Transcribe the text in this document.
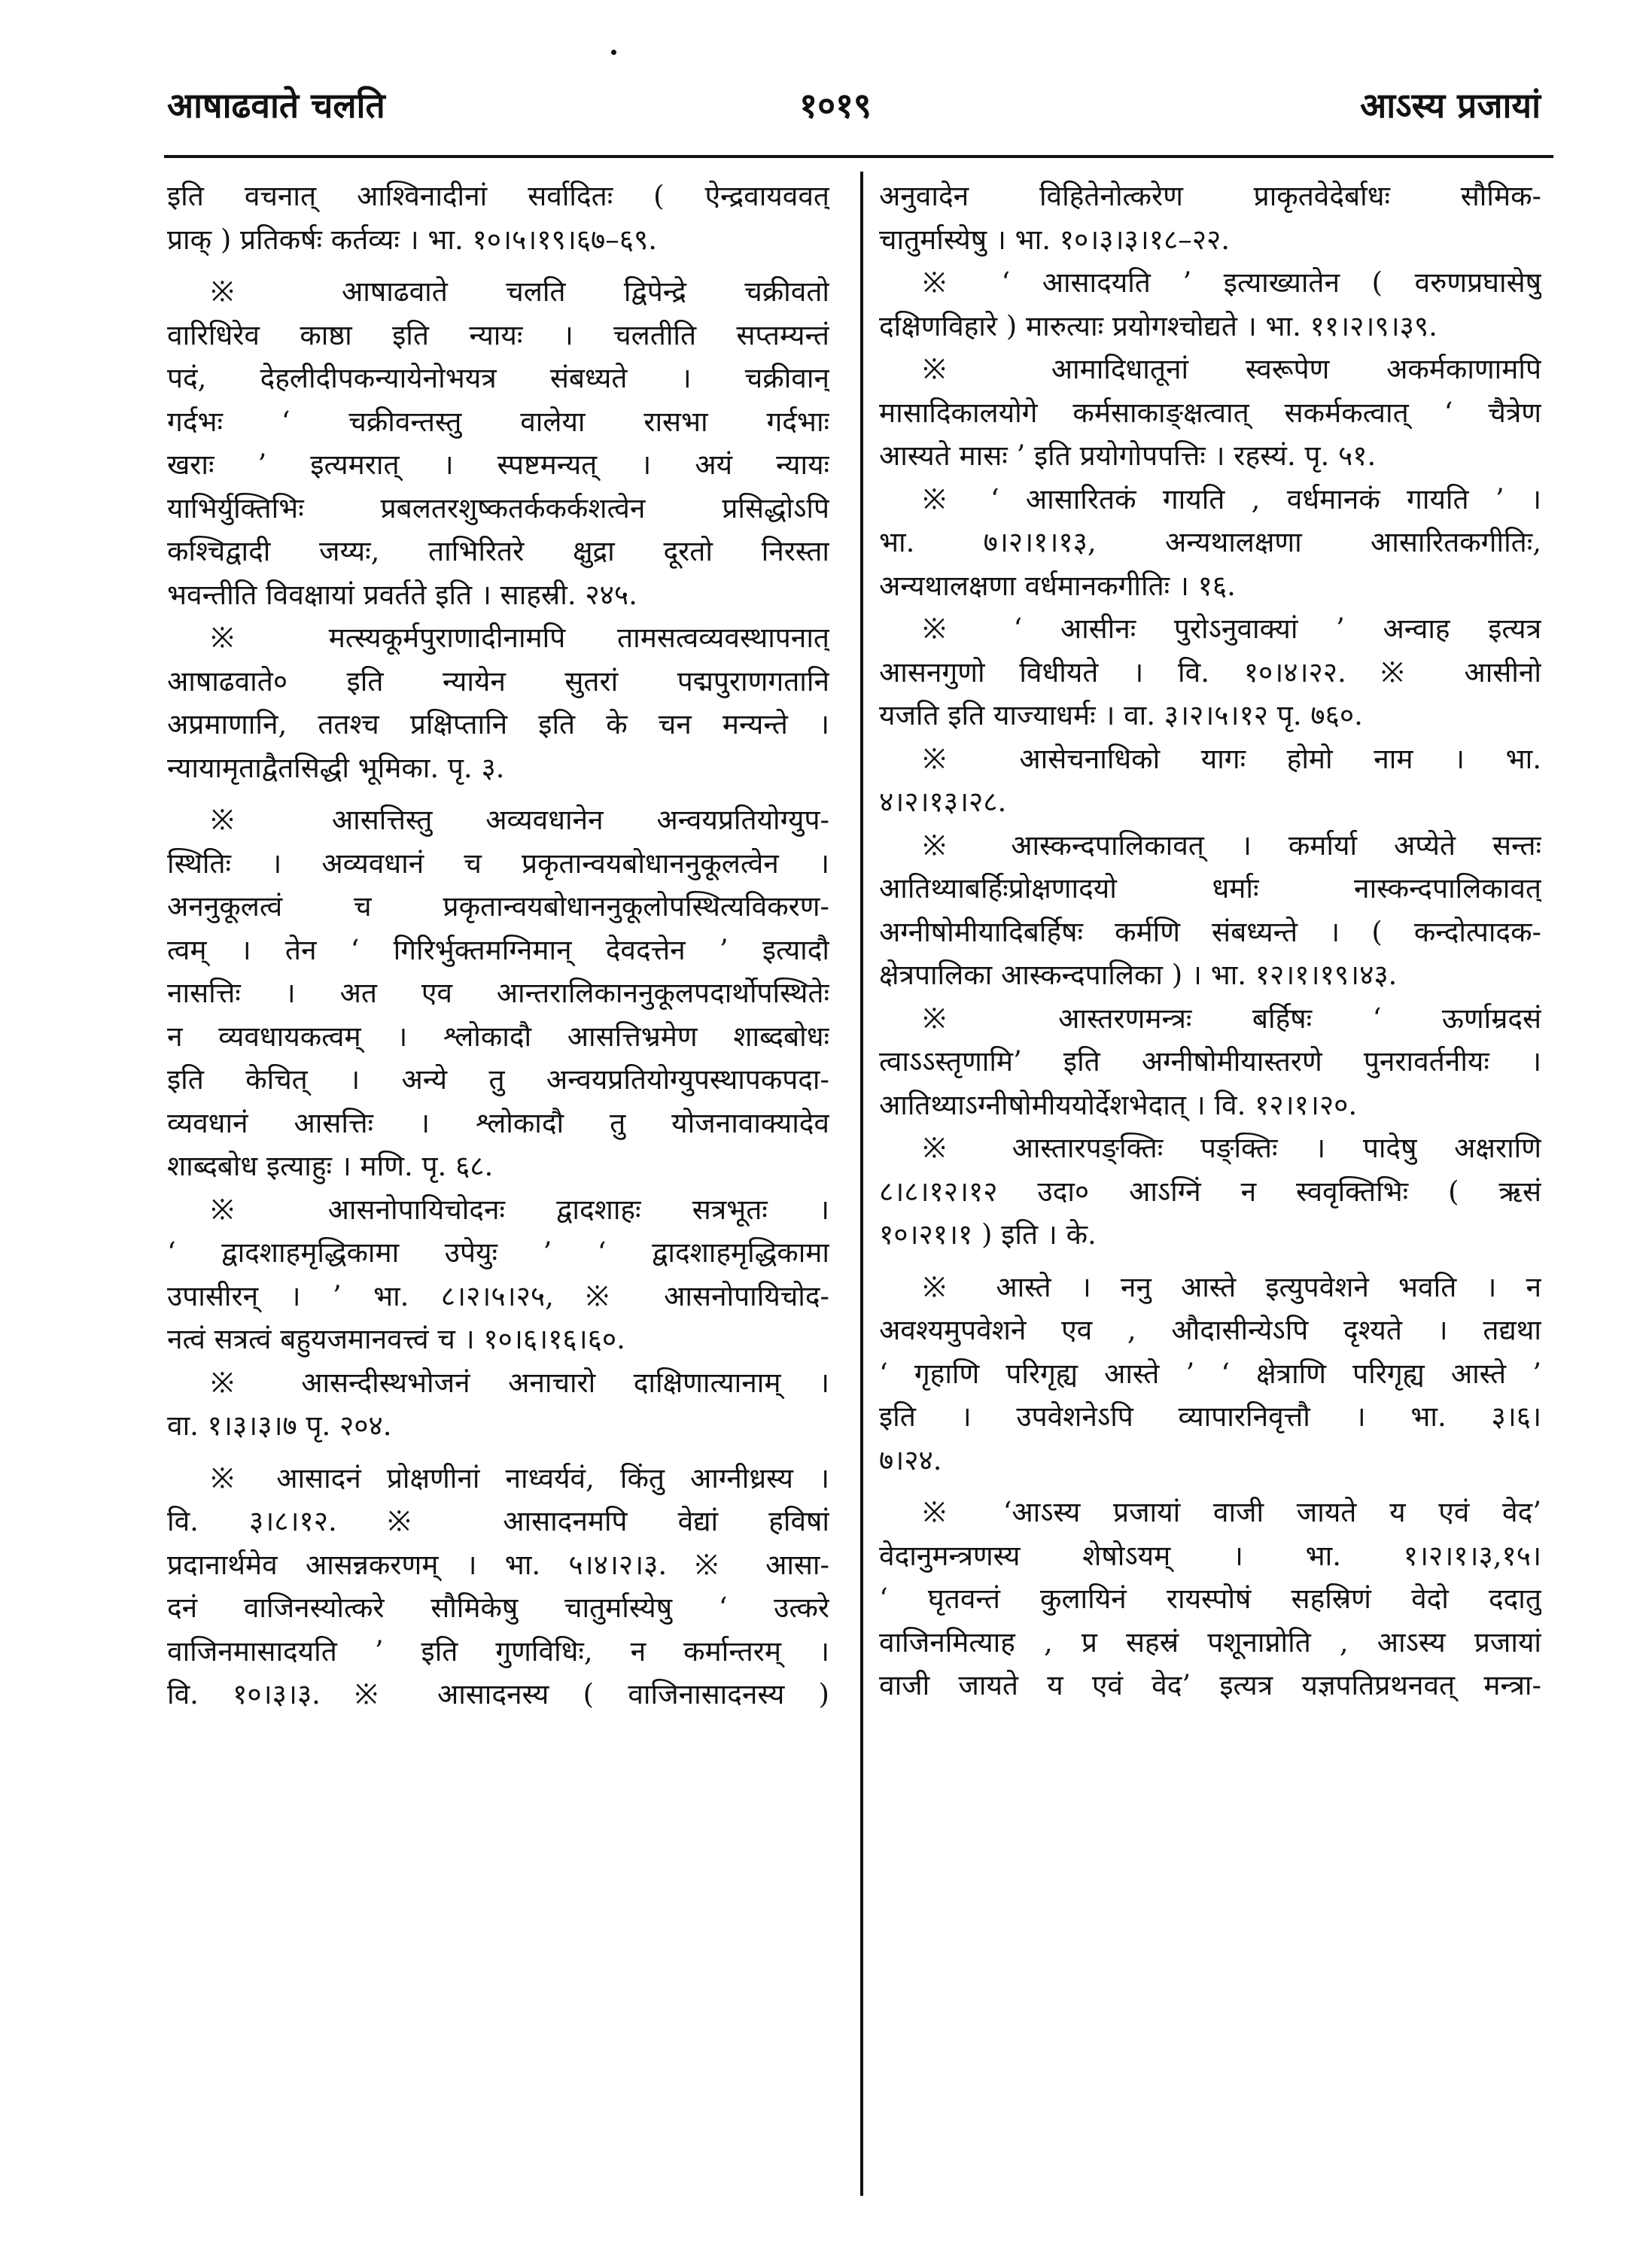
आषाढवाते चलति	१०१९	आऽस्य प्रजायां
इति वचनात् आश्विनादीनां सर्वादितः ( ऐन्द्रवायववत्
प्राक् ) प्रतिकर्षः कर्तव्यः । भा. १०।५।१९।६७–६९.
※ आषाढवाते चलति द्विपेन्द्रे चक्रीवतो
वारिधिरेव काष्ठा इति न्यायः । चलतीति सप्तम्यन्तं
पदं, देहलीदीपकन्यायेनोभयत्र संबध्यते । चक्रीवान्
गर्दभः ‘ चक्रीवन्तस्तु वालेया रासभा गर्दभाः
खराः ’ इत्यमरात् । स्पष्टमन्यत् । अयं न्यायः
याभिर्युक्तिभिः प्रबलतरशुष्कतर्ककर्कशत्वेन प्रसिद्धोऽपि
कश्चिद्वादी जय्यः, ताभिरितरे क्षुद्रा दूरतो निरस्ता
भवन्तीति विवक्षायां प्रवर्तते इति । साहस्री. २४५.
※ मत्स्यकूर्मपुराणादीनामपि तामसत्वव्यवस्थापनात्
आषाढवाते० इति न्यायेन सुतरां पद्मपुराणगतानि
अप्रमाणानि, ततश्च प्रक्षिप्तानि इति के चन मन्यन्ते ।
न्यायामृताद्वैतसिद्धी भूमिका. पृ. ३.
※ आसत्तिस्तु अव्यवधानेन अन्वयप्रतियोग्युप-
स्थितिः । अव्यवधानं च प्रकृतान्वयबोधाननुकूलत्वेन ।
अननुकूलत्वं च प्रकृतान्वयबोधाननुकूलोपस्थित्यविकरण-
त्वम् । तेन ‘ गिरिर्भुक्तमग्निमान् देवदत्तेन ’ इत्यादौ
नासत्तिः । अत एव आन्तरालिकाननुकूलपदार्थोपस्थितेः
न व्यवधायकत्वम् । श्लोकादौ आसत्तिभ्रमेण शाब्दबोधः
इति केचित् । अन्ये तु अन्वयप्रतियोग्युपस्थापकपदा-
व्यवधानं आसत्तिः । श्लोकादौ तु योजनावाक्यादेव
शाब्दबोध इत्याहुः । मणि. पृ. ६८.
※ आसनोपायिचोदनः द्वादशाहः सत्रभूतः ।
‘ द्वादशाहमृद्धिकामा उपेयुः ’ ‘ द्वादशाहमृद्धिकामा
उपासीरन् । ’ भा. ८।२।५।२५, ※ आसनोपायिचोद-
नत्वं सत्रत्वं बहुयजमानवत्त्वं च । १०।६।१६।६०.
※ आसन्दीस्थभोजनं अनाचारो दाक्षिणात्यानाम् ।
वा. १।३।३।७ पृ. २०४.
※ आसादनं प्रोक्षणीनां नाध्वर्यवं, किंतु आग्नीध्रस्य ।
वि. ३।८।१२. ※ आसादनमपि वेद्यां हविषां
प्रदानार्थमेव आसन्नकरणम् । भा. ५।४।२।३. ※ आसा-
दनं वाजिनस्योत्करे सौमिकेषु चातुर्मास्येषु ‘ उत्करे
वाजिनमासादयति ’ इति गुणविधिः, न कर्मान्तरम् ।
वि. १०।३।३. ※ आसादनस्य ( वाजिनासादनस्य )
अनुवादेन विहितेनोत्करेण प्राकृतवेदेर्बाधः सौमिक-
चातुर्मास्येषु । भा. १०।३।३।१८–२२.
※ ‘ आसादयति ’ इत्याख्यातेन ( वरुणप्रघासेषु
दक्षिणविहारे ) मारुत्याः प्रयोगश्चोद्यते । भा. ११।२।९।३९.
※ आमादिधातूनां स्वरूपेण अकर्मकाणामपि
मासादिकालयोगे कर्मसाकाङ्क्षत्वात् सकर्मकत्वात् ‘ चैत्रेण
आस्यते मासः ’ इति प्रयोगोपपत्तिः । रहस्यं. पृ. ५१.
※ ‘ आसारितकं गायति , वर्धमानकं गायति ’ ।
भा. ७।२।१।१३, अन्यथालक्षणा आसारितकगीतिः,
अन्यथालक्षणा वर्धमानकगीतिः । १६.
※ ‘ आसीनः पुरोऽनुवाक्यां ’ अन्वाह इत्यत्र
आसनगुणो विधीयते । वि. १०।४।२२. ※ आसीनो
यजति इति याज्याधर्मः । वा. ३।२।५।१२ पृ. ७६०.
※ आसेचनाधिको यागः होमो नाम । भा.
४।२।१३।२८.
※ आस्कन्दपालिकावत् । कर्मार्या अप्येते सन्तः
आतिथ्याबर्हिःप्रोक्षणादयो धर्माः नास्कन्दपालिकावत्
अग्नीषोमीयादिबर्हिषः कर्मणि संबध्यन्ते । ( कन्दोत्पादक-
क्षेत्रपालिका आस्कन्दपालिका ) । भा. १२।१।१९।४३.
※ आस्तरणमन्त्रः बर्हिषः ‘ ऊर्णाम्रदसं
त्वाऽऽस्तृणामि’ इति अग्नीषोमीयास्तरणे पुनरावर्तनीयः ।
आतिथ्याऽग्नीषोमीययोर्देशभेदात् । वि. १२।१।२०.
※ आस्तारपङ्क्तिः पङ्क्तिः । पादेषु अक्षराणि
८।८।१२।१२ उदा० आऽग्निं न स्ववृक्तिभिः ( ऋसं
१०।२१।१ ) इति । के.
※ आस्ते । ननु आस्ते इत्युपवेशने भवति । न
अवश्यमुपवेशने एव , औदासीन्येऽपि दृश्यते । तद्यथा
‘ गृहाणि परिगृह्य आस्ते ’ ‘ क्षेत्राणि परिगृह्य आस्ते ’
इति । उपवेशनेऽपि व्यापारनिवृत्तौ । भा. ३।६।
७।२४.
※ ‘आऽस्य प्रजायां वाजी जायते य एवं वेद’
वेदानुमन्त्रणस्य शेषोऽयम् । भा. १।२।१।३,१५।
‘ घृतवन्तं कुलायिनं रायस्पोषं सहस्रिणं वेदो ददातु
वाजिनमित्याह , प्र सहस्रं पशूनाप्नोति , आऽस्य प्रजायां
वाजी जायते य एवं वेद’ इत्यत्र यज्ञपतिप्रथनवत् मन्त्रा-
